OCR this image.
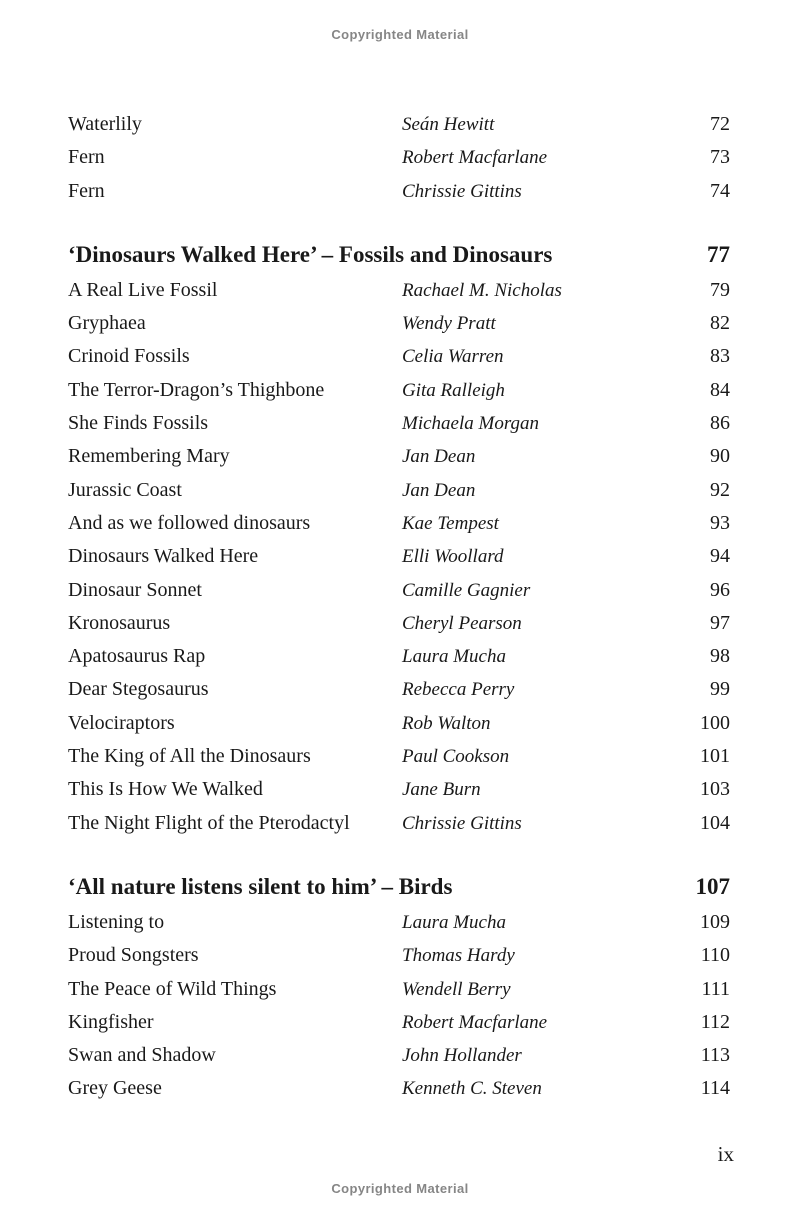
Copyrighted Material
Waterlily	Seán Hewitt	72
Fern	Robert Macfarlane	73
Fern	Chrissie Gittins	74
‘Dinosaurs Walked Here’ – Fossils and Dinosaurs	77
A Real Live Fossil	Rachael M. Nicholas	79
Gryphaea	Wendy Pratt	82
Crinoid Fossils	Celia Warren	83
The Terror-Dragon’s Thighbone	Gita Ralleigh	84
She Finds Fossils	Michaela Morgan	86
Remembering Mary	Jan Dean	90
Jurassic Coast	Jan Dean	92
And as we followed dinosaurs	Kae Tempest	93
Dinosaurs Walked Here	Elli Woollard	94
Dinosaur Sonnet	Camille Gagnier	96
Kronosaurus	Cheryl Pearson	97
Apatosaurus Rap	Laura Mucha	98
Dear Stegosaurus	Rebecca Perry	99
Velociraptors	Rob Walton	100
The King of All the Dinosaurs	Paul Cookson	101
This Is How We Walked	Jane Burn	103
The Night Flight of the Pterodactyl	Chrissie Gittins	104
‘All nature listens silent to him’ – Birds	107
Listening to	Laura Mucha	109
Proud Songsters	Thomas Hardy	110
The Peace of Wild Things	Wendell Berry	111
Kingfisher	Robert Macfarlane	112
Swan and Shadow	John Hollander	113
Grey Geese	Kenneth C. Steven	114
ix
Copyrighted Material
